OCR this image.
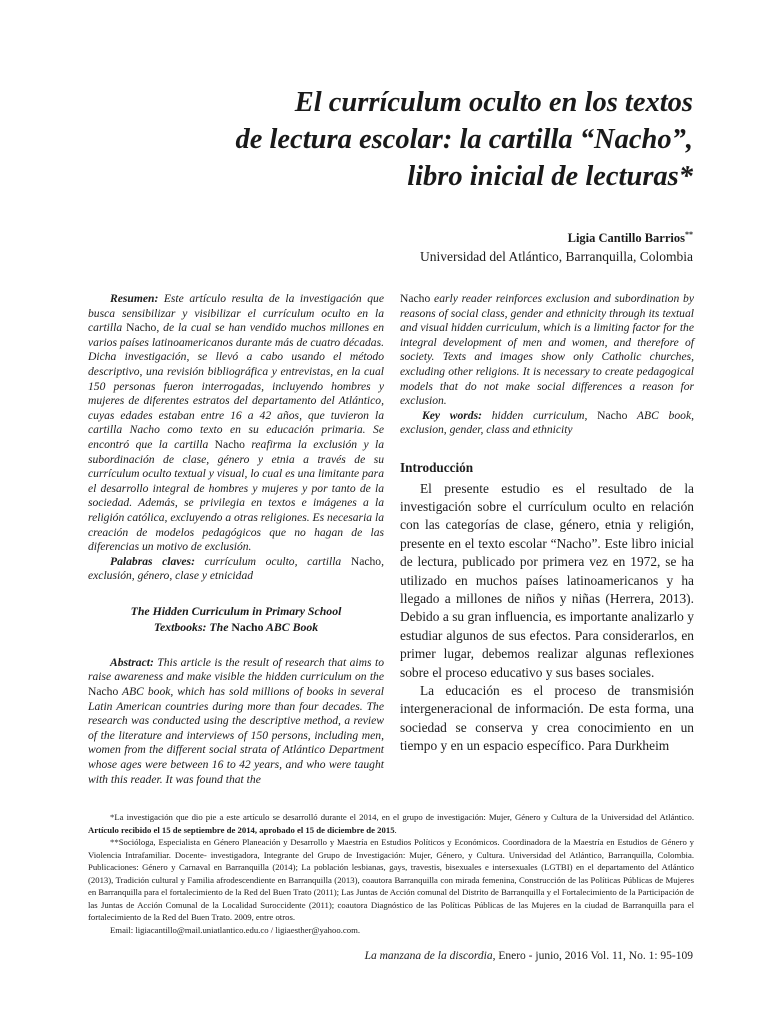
El currículum oculto en los textos
de lectura escolar: la cartilla “Nacho”,
libro inicial de lecturas*
Ligia Cantillo Barrios**
Universidad del Atlántico, Barranquilla, Colombia

Resumen: Este artículo resulta de la investigación que busca sensibilizar y visibilizar el currículum oculto en la cartilla Nacho, de la cual se han vendido muchos millones en varios países latinoamericanos durante más de cuatro décadas. Dicha investigación, se llevó a cabo usando el método descriptivo, una revisión bibliográfica y entrevistas, en la cual 150 personas fueron interrogadas, incluyendo hombres y mujeres de diferentes estratos del departamento del Atlántico, cuyas edades estaban entre 16 a 42 años, que tuvieron la cartilla Nacho como texto en su educación primaria. Se encontró que la cartilla Nacho reafirma la exclusión y la subordinación de clase, género y etnia a través de su currículum oculto textual y visual, lo cual es una limitante para el desarrollo integral de hombres y mujeres y por tanto de la sociedad. Además, se privilegia en textos e imágenes a la religión católica, excluyendo a otras religiones. Es necesaria la creación de modelos pedagógicos que no hagan de las diferencias un motivo de exclusión.

Palabras claves: currículum oculto, cartilla Nacho, exclusión, género, clase y etnicidad

The Hidden Curriculum in Primary School
Textbooks: The Nacho ABC Book

Abstract: This article is the result of research that aims to raise awareness and make visible the hidden curriculum on the Nacho ABC book, which has sold millions of books in several Latin American countries during more than four decades. The research was conducted using the descriptive method, a review of the literature and interviews of 150 persons, including men, women from the different social strata of Atlántico Department whose ages were between 16 to 42 years, and who were taught with this reader. It was found that the

Nacho early reader reinforces exclusion and subordination by reasons of social class, gender and ethnicity through its textual and visual hidden curriculum, which is a limiting factor for the integral development of men and women, and therefore of society. Texts and images show only Catholic churches, excluding other religions. It is necessary to create pedagogical models that do not make social differences a reason for exclusion.

Key words: hidden curriculum, Nacho ABC book, exclusion, gender, class and ethnicity

Introducción

El presente estudio es el resultado de la investigación sobre el currículum oculto en relación con las categorías de clase, género, etnia y religión, presente en el texto escolar “Nacho”. Este libro inicial de lectura, publicado por primera vez en 1972, se ha utilizado en muchos países latinoamericanos y ha llegado a millones de niños y niñas (Herrera, 2013). Debido a su gran influencia, es importante analizarlo y estudiar algunos de sus efectos. Para considerarlos, en primer lugar, debemos realizar algunas reflexiones sobre el proceso educativo y sus bases sociales.

La educación es el proceso de transmisión intergeneracional de información. De esta forma, una sociedad se conserva y crea conocimiento en un tiempo y en un espacio específico. Para Durkheim

*La investigación que dio pie a este artículo se desarrolló durante el 2014, en el grupo de investigación: Mujer, Género y Cultura de la Universidad del Atlántico. Artículo recibido el 15 de septiembre de 2014, aprobado el 15 de diciembre de 2015.

**Socióloga, Especialista en Género Planeación y Desarrollo y Maestría en Estudios Políticos y Económicos. Coordinadora de la Maestría en Estudios de Género y Violencia Intrafamiliar. Docente- investigadora, Integrante del Grupo de Investigación: Mujer, Género, y Cultura. Universidad del Atlántico, Barranquilla, Colombia. Publicaciones: Género y Carnaval en Barranquilla (2014); La población lesbianas, gays, travestis, bisexuales e intersexuales (LGTBI) en el departamento del Atlántico (2013), Tradición cultural y Familia afrodescendiente en Barranquilla (2013), coautora Barranquilla con mirada femenina, Construcción de las Políticas Públicas de Mujeres en Barranquilla para el fortalecimiento de la Red del Buen Trato (2011); Las Juntas de Acción comunal del Distrito de Barranquilla y el Fortalecimiento de la Participación de las Juntas de Acción Comunal de la Localidad Suroccidente (2011); coautora Diagnóstico de las Políticas Públicas de las Mujeres en la ciudad de Barranquilla para el fortalecimiento de la Red del Buen Trato. 2009, entre otros.

Email: ligiacantillo@mail.uniatlantico.edu.co / ligiaesther@yahoo.com.

La manzana de la discordia, Enero - junio, 2016 Vol. 11, No. 1: 95-109
